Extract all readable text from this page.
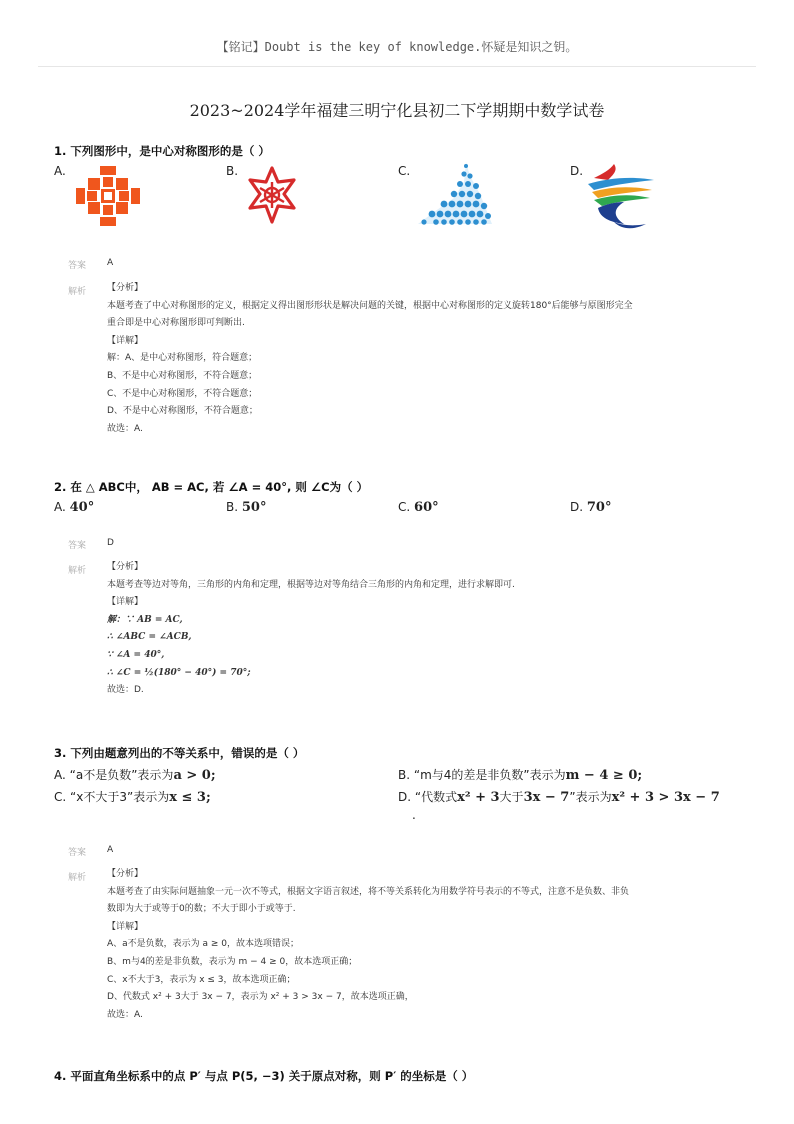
【铭记】Doubt is the key of knowledge.怀疑是知识之钥。
2023~2024学年福建三明宁化县初二下学期期中数学试卷
1. 下列图形中，是中心对称图形的是（ ）
A.	B.	C.	D.
答案 A
解析 【分析】

本题考查了中心对称图形的定义，根据定义得出图形形状是解决问题的关键，根据中心对称图形的定义旋转180°后能够与原图形完全

重合即是中心对称图形即可判断出.

【详解】

解：A、是中心对称图形，符合题意；

B、不是中心对称图形，不符合题意；

C、不是中心对称图形，不符合题意；

D、不是中心对称图形，不符合题意；

故选：A.

2. 在 △ ABC中， AB = AC, 若 ∠A = 40°, 则 ∠C为（ ）
A. 40°	B. 50°	C. 60°	D. 70°
答案 D
解析 【分析】

本题考查等边对等角，三角形的内角和定理，根据等边对等角结合三角形的内角和定理，进行求解即可.

【详解】

解：∵ AB = AC,

∴ ∠ABC = ∠ACB,

∵ ∠A = 40°,

∴ ∠C = ½(180° − 40°) = 70°;

故选：D.

3. 下列由题意列出的不等关系中，错误的是（ ）
A. “a不是负数”表示为a > 0;	B. “m与4的差是非负数”表示为m − 4 ≥ 0;
C. “x不大于3”表示为x ≤ 3;	D. “代数式x² + 3大于3x − 7”表示为x² + 3 > 3x − 7
.
答案 A
解析 【分析】

本题考查了由实际问题抽象一元一次不等式，根据文字语言叙述，将不等关系转化为用数学符号表示的不等式，注意不是负数、非负

数即为大于或等于0的数；不大于即小于或等于.

【详解】

A、a不是负数，表示为 a ≥ 0，故本选项错误；

B、m与4的差是非负数，表示为 m − 4 ≥ 0，故本选项正确；

C、x不大于3，表示为 x ≤ 3，故本选项正确；

D、代数式 x² + 3大于 3x − 7，表示为 x² + 3 > 3x − 7，故本选项正确，

故选：A.

4. 平面直角坐标系中的点 P′ 与点 P(5, −3) 关于原点对称，则 P′ 的坐标是（ ）
